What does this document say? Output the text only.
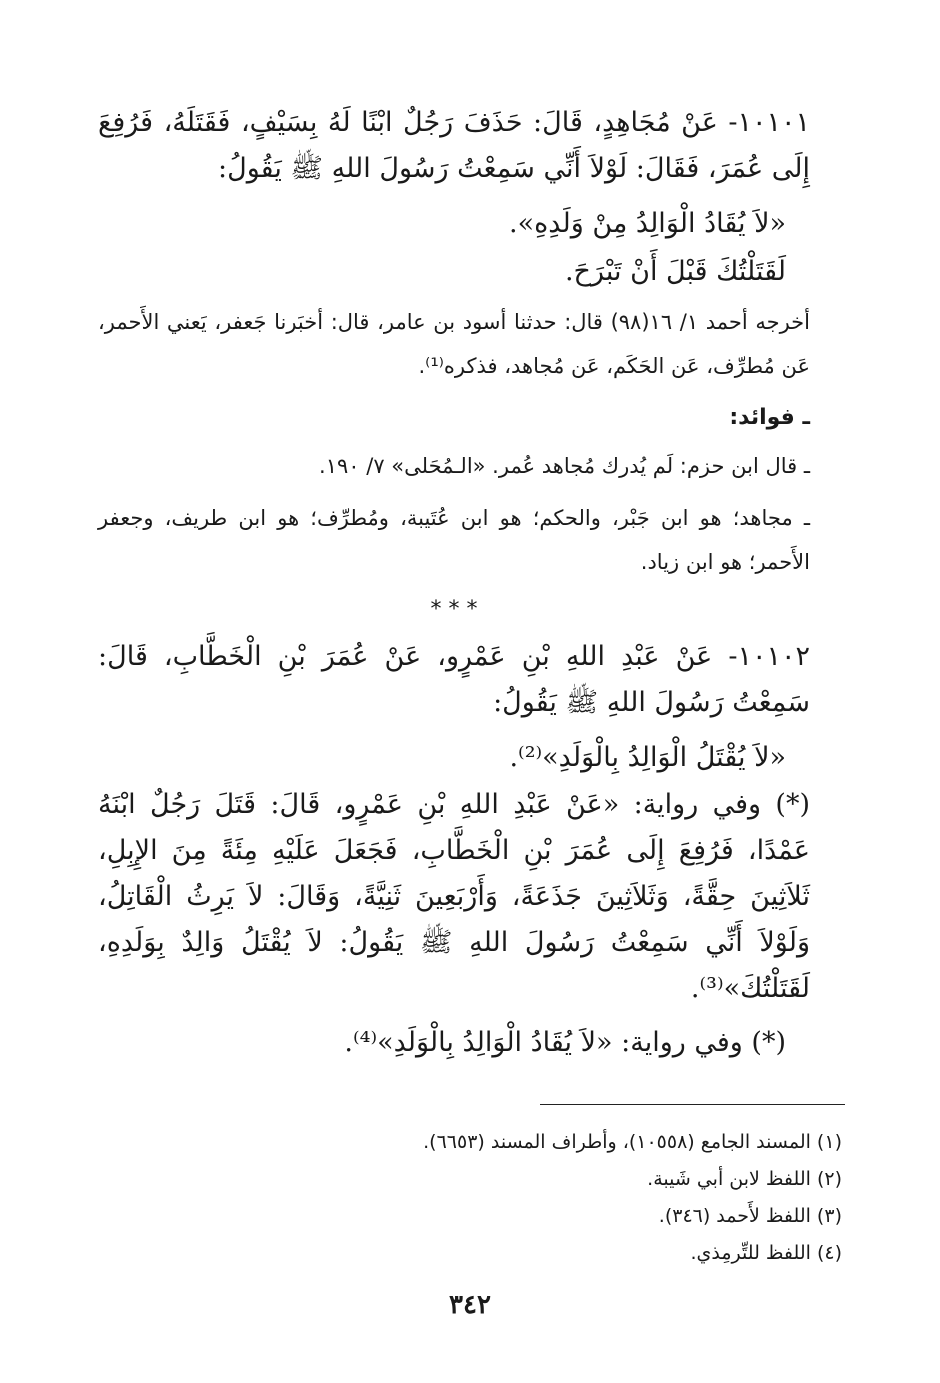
١٠١٠١- عَنْ مُجَاهِدٍ، قَالَ: حَذَفَ رَجُلٌ ابْنًا لَهُ بِسَيْفٍ، فَقَتَلَهُ، فَرُفِعَ إِلَى عُمَرَ، فَقَالَ: لَوْلاَ أَنِّي سَمِعْتُ رَسُولَ اللهِ ﷺ يَقُولُ:

«لاَ يُقَادُ الْوَالِدُ مِنْ وَلَدِهِ».

لَقَتَلْتُكَ قَبْلَ أَنْ تَبْرَحَ.

أخرجه أحمد ١/ ١٦(٩٨) قال: حدثنا أسود بن عامر، قال: أخبَرنا جَعفر، يَعني الأَحمر، عَن مُطرِّف، عَن الحَكَم، عَن مُجاهد، فذكره⁽¹⁾.

ـ فوائد:

ـ قال ابن حزم: لَم يُدرك مُجاهد عُمر. «الـمُحَلى» ٧/ ١٩٠.

ـ مجاهد؛ هو ابن جَبْر، والحكم؛ هو ابن عُتَيبة، ومُطرِّف؛ هو ابن طريف، وجعفر الأَحمر؛ هو ابن زياد.

* * *

١٠١٠٢- عَنْ عَبْدِ اللهِ بْنِ عَمْرٍو، عَنْ عُمَرَ بْنِ الْخَطَّابِ، قَالَ: سَمِعْتُ رَسُولَ اللهِ ﷺ يَقُولُ:

«لاَ يُقْتَلُ الْوَالِدُ بِالْوَلَدِ»⁽²⁾.

(*) وفي رواية: «عَنْ عَبْدِ اللهِ بْنِ عَمْرٍو، قَالَ: قَتَلَ رَجُلٌ ابْنَهُ عَمْدًا، فَرُفِعَ إِلَى عُمَرَ بْنِ الْخَطَّابِ، فَجَعَلَ عَلَيْهِ مِئَةً مِنَ الإِبِلِ، ثَلاَثِينَ حِقَّةً، وَثَلاَثِينَ جَذَعَةً، وَأَرْبَعِينَ ثَنِيَّةً، وَقَالَ: لاَ يَرِثُ الْقَاتِلُ، وَلَوْلاَ أَنِّي سَمِعْتُ رَسُولَ اللهِ ﷺ يَقُولُ: لاَ يُقْتَلُ وَالِدٌ بِوَلَدِهِ، لَقَتَلْتُكَ»⁽³⁾.

(*) وفي رواية: «لاَ يُقَادُ الْوَالِدُ بِالْوَلَدِ»⁽⁴⁾.

(١) المسند الجامع (١٠٥٥٨)، وأطراف المسند (٦٦٥٣).

(٢) اللفظ لابن أبي شَيبة.

(٣) اللفظ لأَحمد (٣٤٦).

(٤) اللفظ للتِّرمِذي.

٣٤٢
